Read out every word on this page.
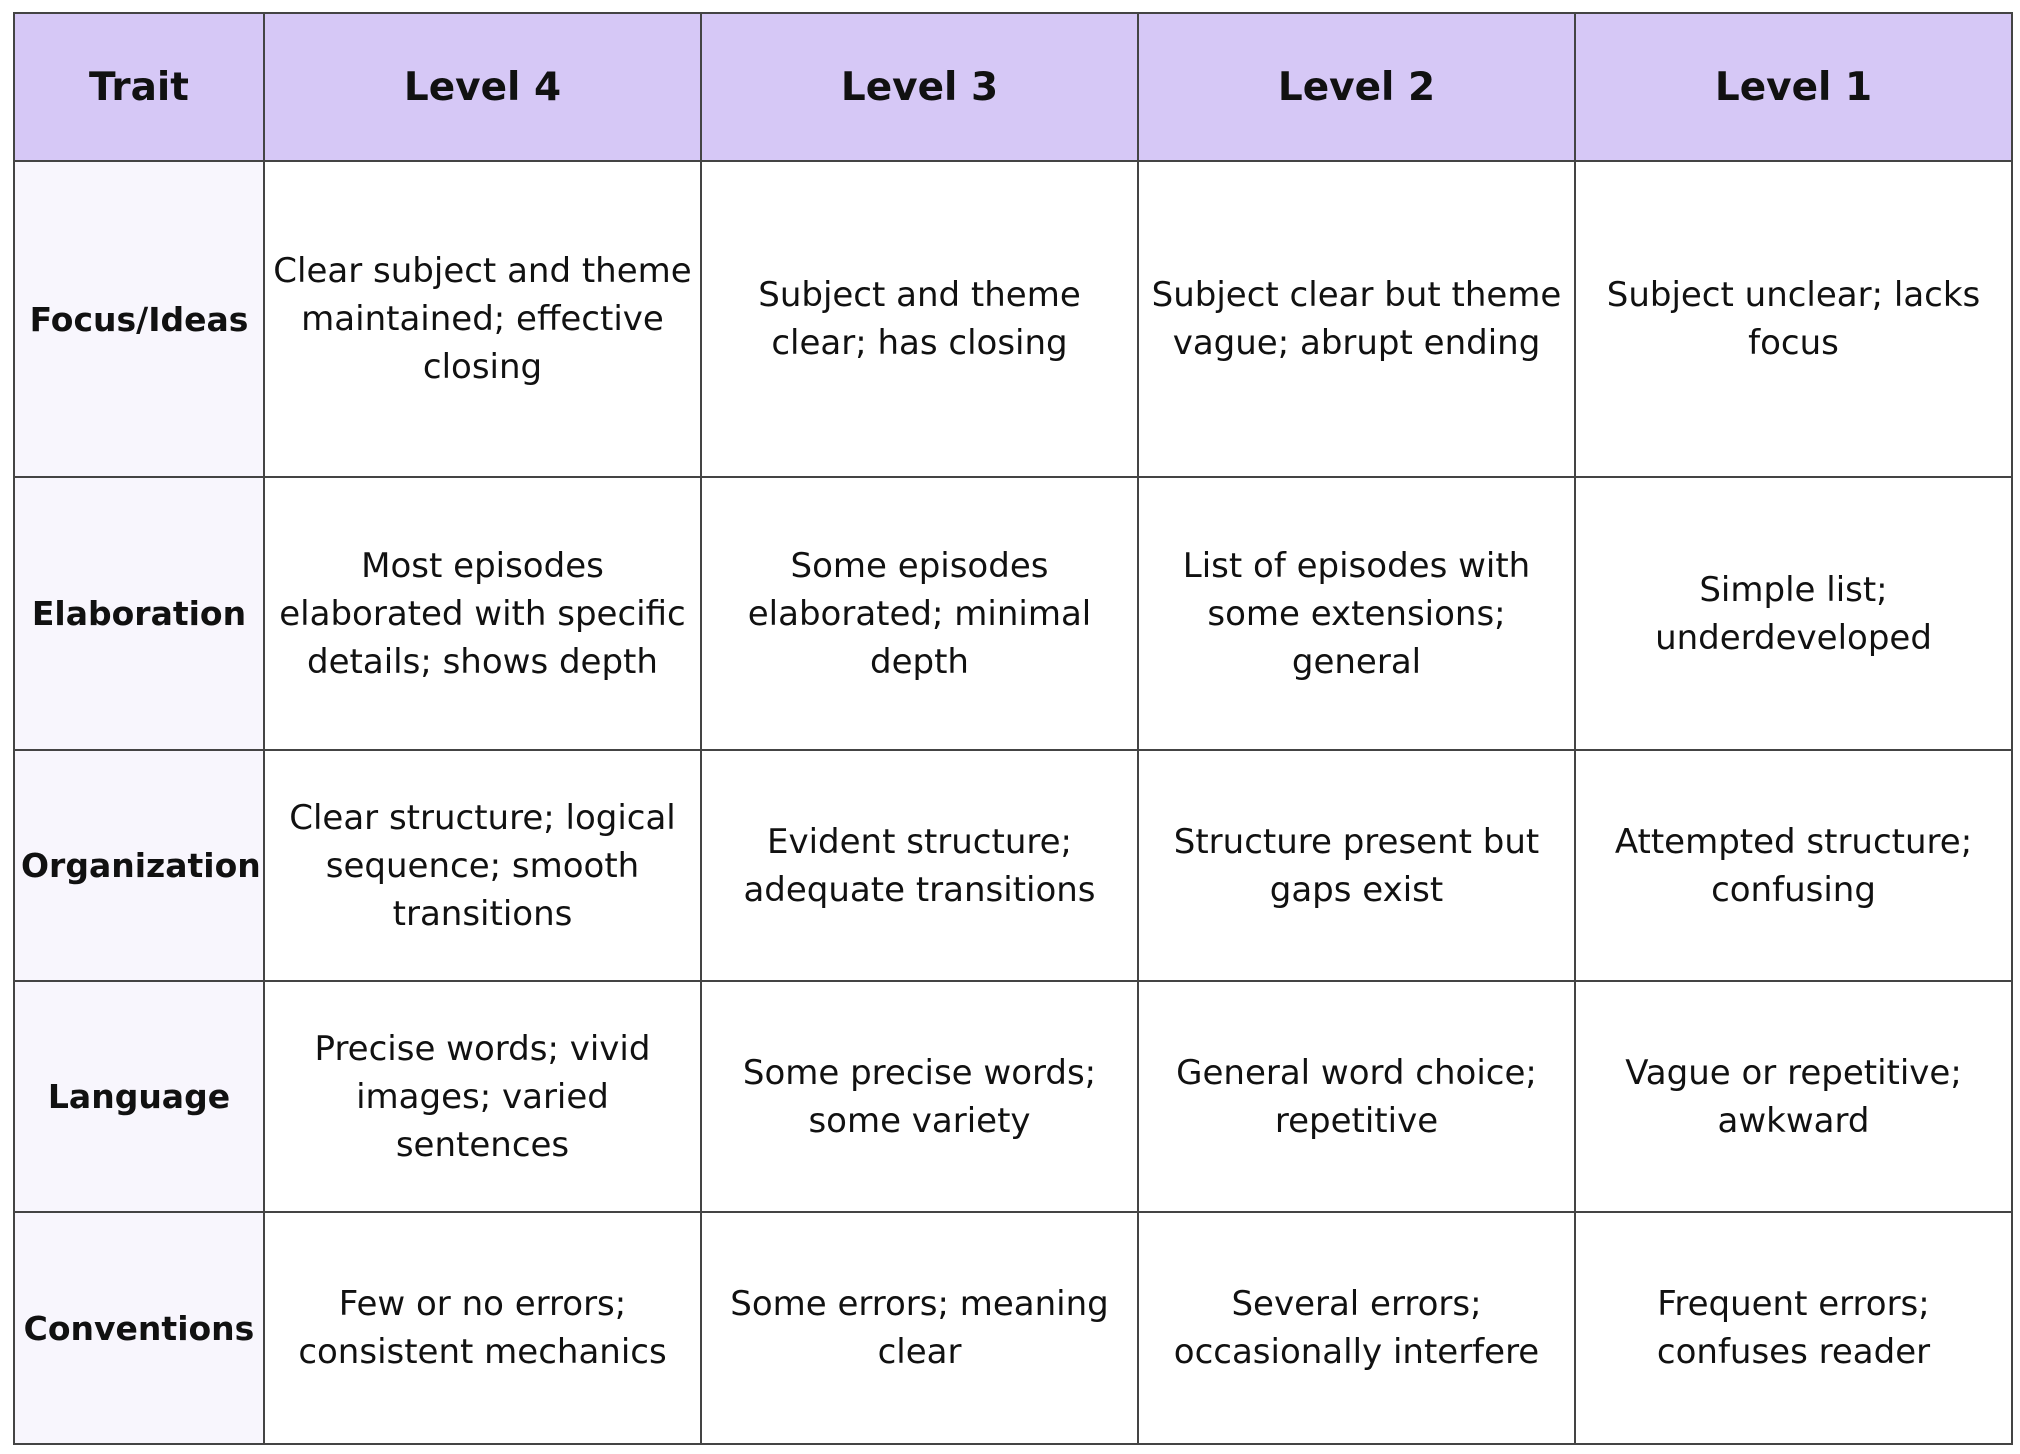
Trait	Level 4	Level 3	Level 2	Level 1
Focus/Ideas	Clear subject and theme maintained; effective closing	Subject and theme clear; has closing	Subject clear but theme vague; abrupt ending	Subject unclear; lacks focus
Elaboration	Most episodes elaborated with specific details; shows depth	Some episodes elaborated; minimal depth	List of episodes with some extensions; general	Simple list; underdeveloped
Organization	Clear structure; logical sequence; smooth transitions	Evident structure; adequate transitions	Structure present but gaps exist	Attempted structure; confusing
Language	Precise words; vivid images; varied sentences	Some precise words; some variety	General word choice; repetitive	Vague or repetitive; awkward
Conventions	Few or no errors; consistent mechanics	Some errors; meaning clear	Several errors; occasionally interfere	Frequent errors; confuses reader
